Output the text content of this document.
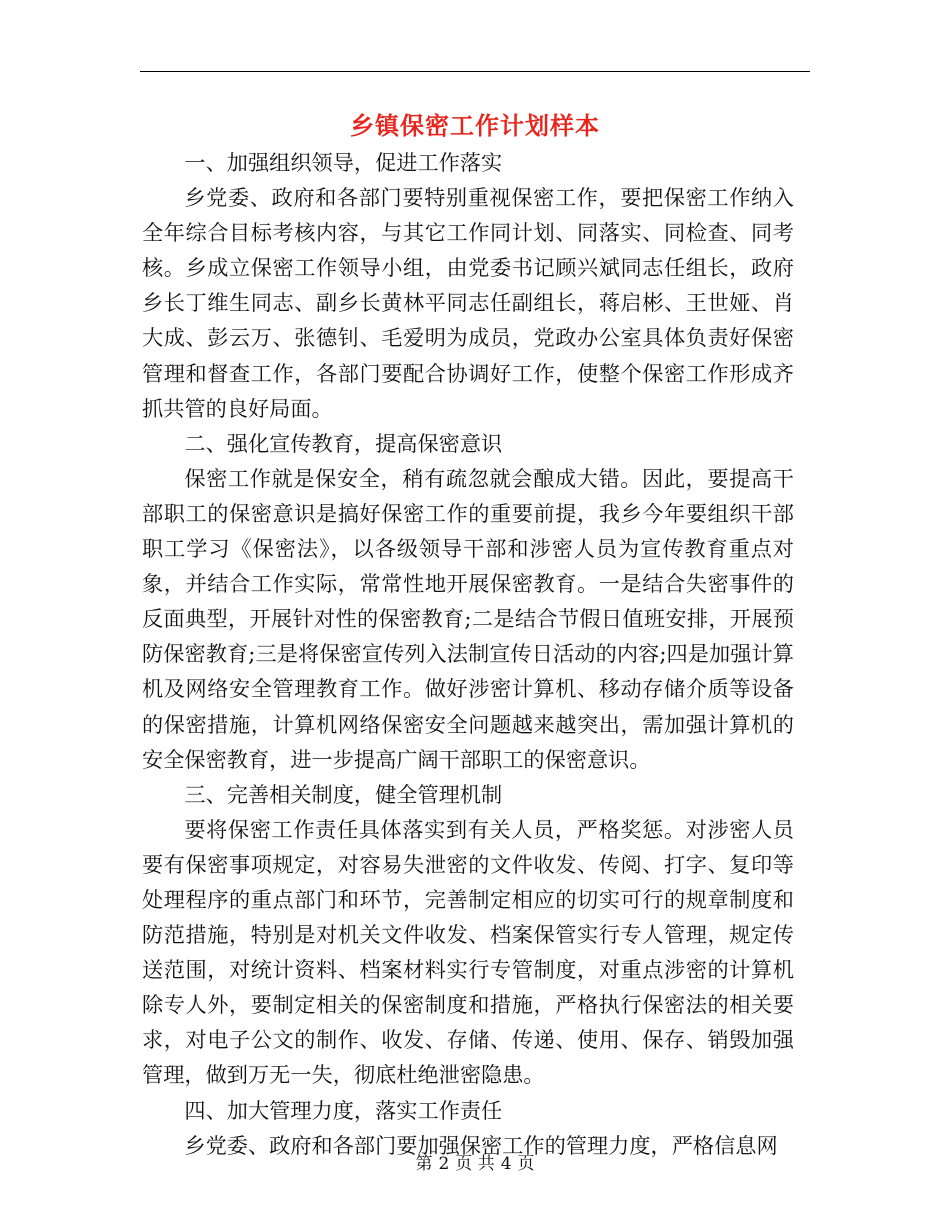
乡镇保密工作计划样本

一、加强组织领导，促进工作落实

乡党委、政府和各部门要特别重视保密工作，要把保密工作纳入全年综合目标考核内容，与其它工作同计划、同落实、同检查、同考核。乡成立保密工作领导小组，由党委书记顾兴斌同志任组长，政府乡长丁维生同志、副乡长黄林平同志任副组长，蒋启彬、王世娅、肖大成、彭云万、张德钊、毛爱明为成员，党政办公室具体负责好保密管理和督查工作，各部门要配合协调好工作，使整个保密工作形成齐抓共管的良好局面。

二、强化宣传教育，提高保密意识

保密工作就是保安全，稍有疏忽就会酿成大错。因此，要提高干部职工的保密意识是搞好保密工作的重要前提，我乡今年要组织干部职工学习《保密法》，以各级领导干部和涉密人员为宣传教育重点对象，并结合工作实际，常常性地开展保密教育。一是结合失密事件的反面典型，开展针对性的保密教育;二是结合节假日值班安排，开展预防保密教育;三是将保密宣传列入法制宣传日活动的内容;四是加强计算机及网络安全管理教育工作。做好涉密计算机、移动存储介质等设备的保密措施，计算机网络保密安全问题越来越突出，需加强计算机的安全保密教育，进一步提高广阔干部职工的保密意识。

三、完善相关制度，健全管理机制

要将保密工作责任具体落实到有关人员，严格奖惩。对涉密人员要有保密事项规定，对容易失泄密的文件收发、传阅、打字、复印等处理程序的重点部门和环节，完善制定相应的切实可行的规章制度和防范措施，特别是对机关文件收发、档案保管实行专人管理，规定传送范围，对统计资料、档案材料实行专管制度，对重点涉密的计算机除专人外，要制定相关的保密制度和措施，严格执行保密法的相关要求，对电子公文的制作、收发、存储、传递、使用、保存、销毁加强管理，做到万无一失，彻底杜绝泄密隐患。

四、加大管理力度，落实工作责任

乡党委、政府和各部门要加强保密工作的管理力度，严格信息网

第 2 页 共 4 页
